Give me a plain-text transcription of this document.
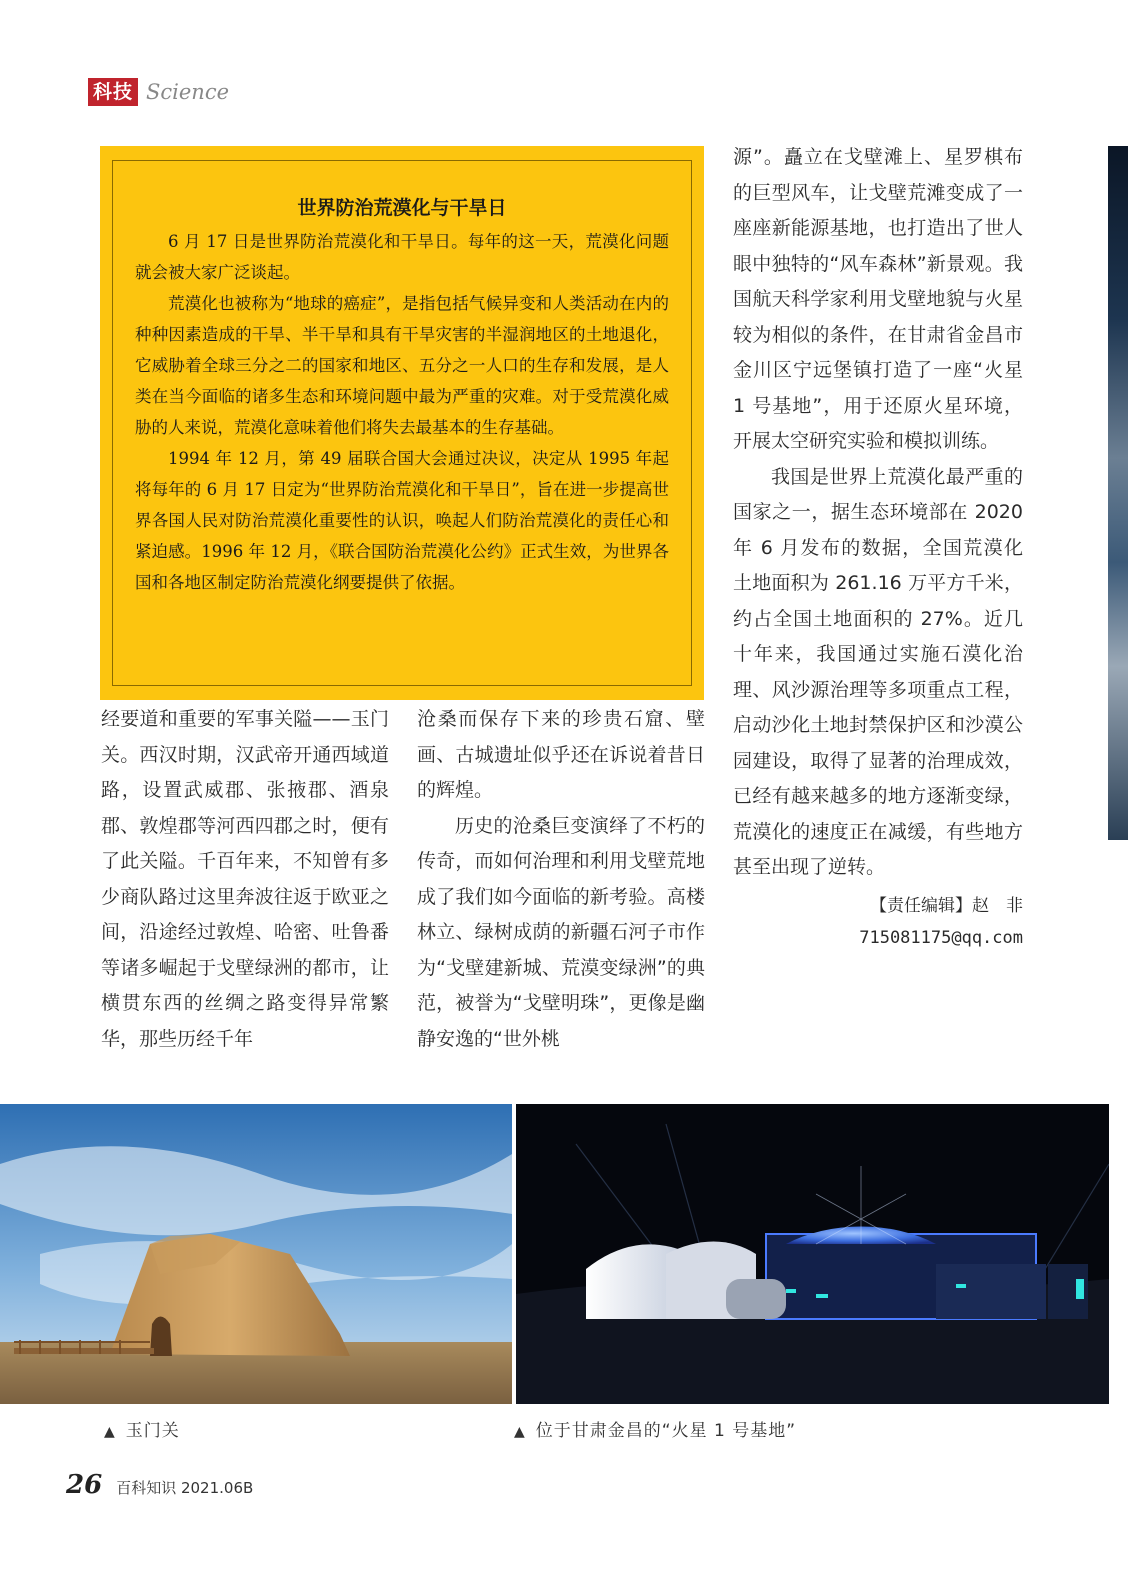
科技 Science
世界防治荒漠化与干旱日

6 月 17 日是世界防治荒漠化和干旱日。每年的这一天，荒漠化问题就会被大家广泛谈起。

荒漠化也被称为“地球的癌症”，是指包括气候异变和人类活动在内的种种因素造成的干旱、半干旱和具有干旱灾害的半湿润地区的土地退化，它威胁着全球三分之二的国家和地区、五分之一人口的生存和发展，是人类在当今面临的诸多生态和环境问题中最为严重的灾难。对于受荒漠化威胁的人来说，荒漠化意味着他们将失去最基本的生存基础。

1994 年 12 月，第 49 届联合国大会通过决议，决定从 1995 年起将每年的 6 月 17 日定为“世界防治荒漠化和干旱日”，旨在进一步提高世界各国人民对防治荒漠化重要性的认识，唤起人们防治荒漠化的责任心和紧迫感。1996 年 12 月，《联合国防治荒漠化公约》正式生效，为世界各国和各地区制定防治荒漠化纲要提供了依据。

经要道和重要的军事关隘——玉门关。西汉时期，汉武帝开通西域道路，设置武威郡、张掖郡、酒泉郡、敦煌郡等河西四郡之时，便有了此关隘。千百年来，不知曾有多少商队路过这里奔波往返于欧亚之间，沿途经过敦煌、哈密、吐鲁番等诸多崛起于戈壁绿洲的都市，让横贯东西的丝绸之路变得异常繁华，那些历经千年

沧桑而保存下来的珍贵石窟、壁画、古城遗址似乎还在诉说着昔日的辉煌。

历史的沧桑巨变演绎了不朽的传奇，而如何治理和利用戈壁荒地成了我们如今面临的新考验。高楼林立、绿树成荫的新疆石河子市作为“戈壁建新城、荒漠变绿洲”的典范，被誉为“戈壁明珠”，更像是幽静安逸的“世外桃

源”。矗立在戈壁滩上、星罗棋布的巨型风车，让戈壁荒滩变成了一座座新能源基地，也打造出了世人眼中独特的“风车森林”新景观。我国航天科学家利用戈壁地貌与火星较为相似的条件，在甘肃省金昌市金川区宁远堡镇打造了一座“火星 1 号基地”，用于还原火星环境，开展太空研究实验和模拟训练。

我国是世界上荒漠化最严重的国家之一，据生态环境部在 2020 年 6 月发布的数据，全国荒漠化土地面积为 261.16 万平方千米，约占全国土地面积的 27%。近几十年来，我国通过实施石漠化治理、风沙源治理等多项重点工程，启动沙化土地封禁保护区和沙漠公园建设，取得了显著的治理成效，已经有越来越多的地方逐渐变绿，荒漠化的速度正在减缓，有些地方甚至出现了逆转。

【责任编辑】赵　非
715081175@qq.com
▲ 玉门关	▲ 位于甘肃金昌的“火星 1 号基地”
26 百科知识 2021.06B
